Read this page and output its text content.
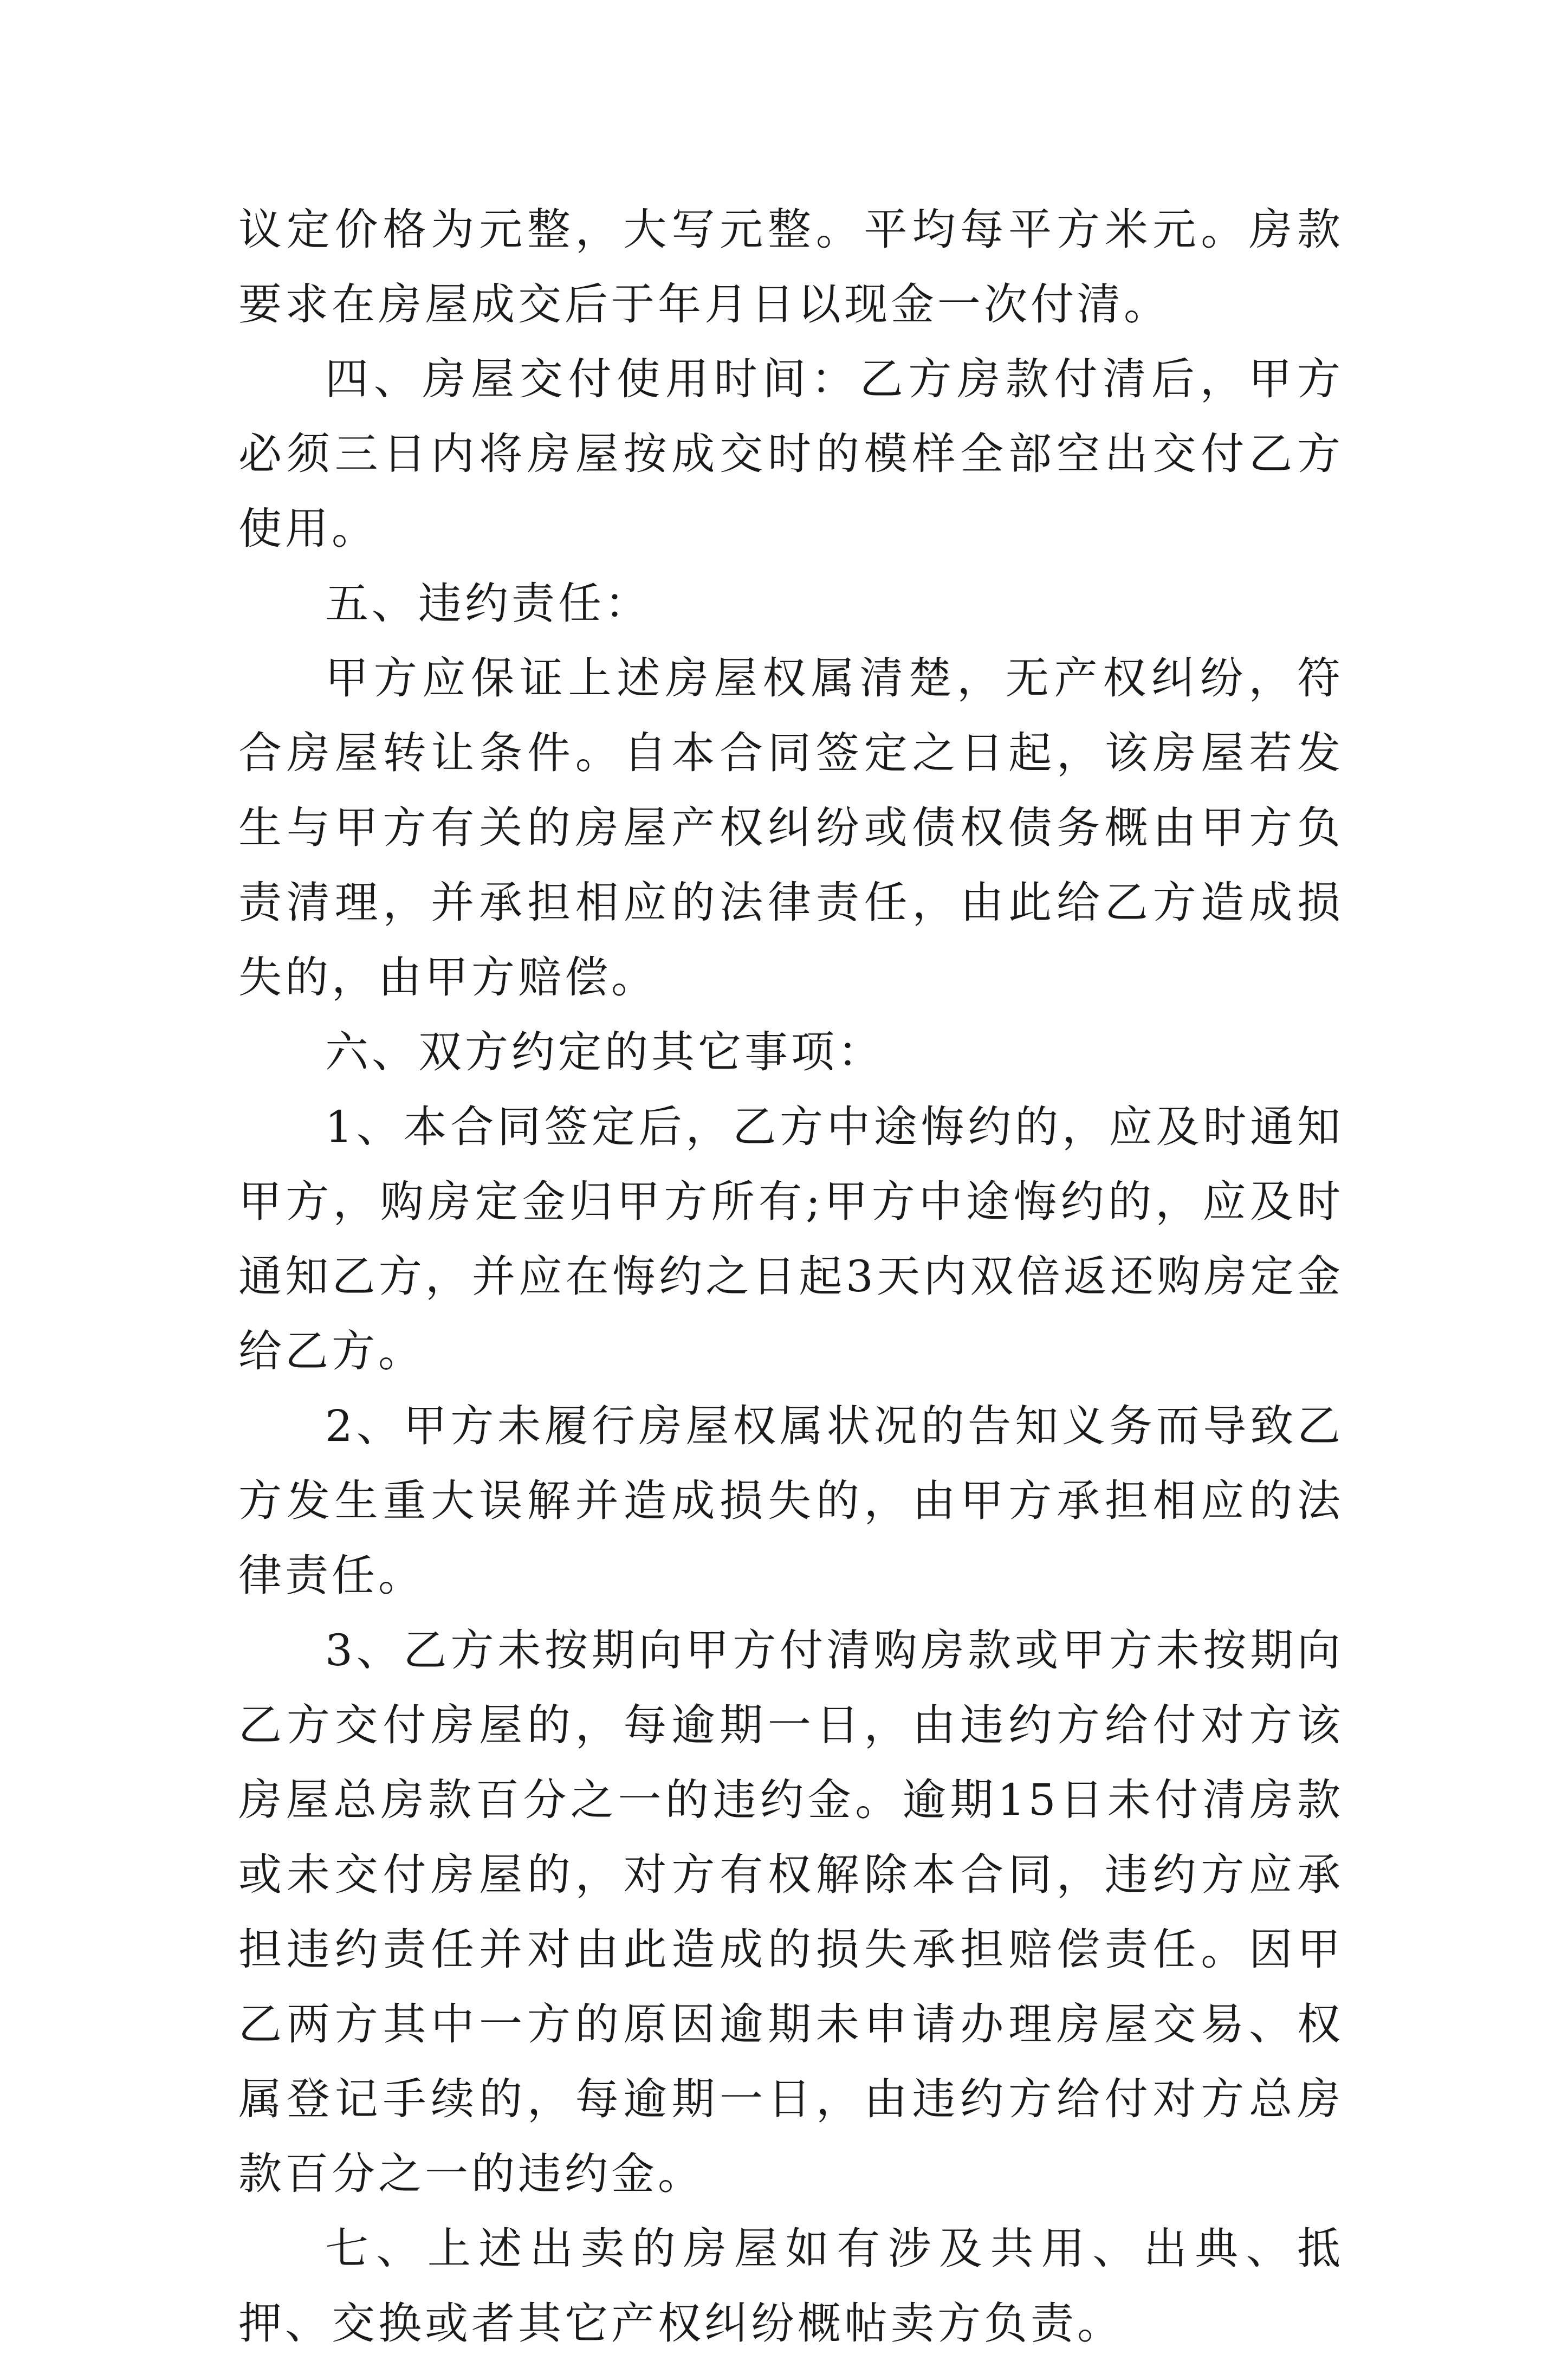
议定价格为元整，大写元整。平均每平方米元。房款要求在房屋成交后于年月日以现金一次付清。

四、房屋交付使用时间：乙方房款付清后，甲方必须三日内将房屋按成交时的模样全部空出交付乙方使用。

五、违约责任：

甲方应保证上述房屋权属清楚，无产权纠纷，符合房屋转让条件。自本合同签定之日起，该房屋若发生与甲方有关的房屋产权纠纷或债权债务概由甲方负责清理，并承担相应的法律责任，由此给乙方造成损失的，由甲方赔偿。

六、双方约定的其它事项：

1、本合同签定后，乙方中途悔约的，应及时通知甲方，购房定金归甲方所有;甲方中途悔约的，应及时通知乙方，并应在悔约之日起3天内双倍返还购房定金给乙方。

2、甲方未履行房屋权属状况的告知义务而导致乙方发生重大误解并造成损失的，由甲方承担相应的法律责任。

3、乙方未按期向甲方付清购房款或甲方未按期向乙方交付房屋的，每逾期一日，由违约方给付对方该房屋总房款百分之一的违约金。逾期15日未付清房款或未交付房屋的，对方有权解除本合同，违约方应承担违约责任并对由此造成的损失承担赔偿责任。因甲乙两方其中一方的原因逾期未申请办理房屋交易、权属登记手续的，每逾期一日，由违约方给付对方总房款百分之一的违约金。

七、上述出卖的房屋如有涉及共用、出典、抵押、交换或者其它产权纠纷概帖卖方负责。
